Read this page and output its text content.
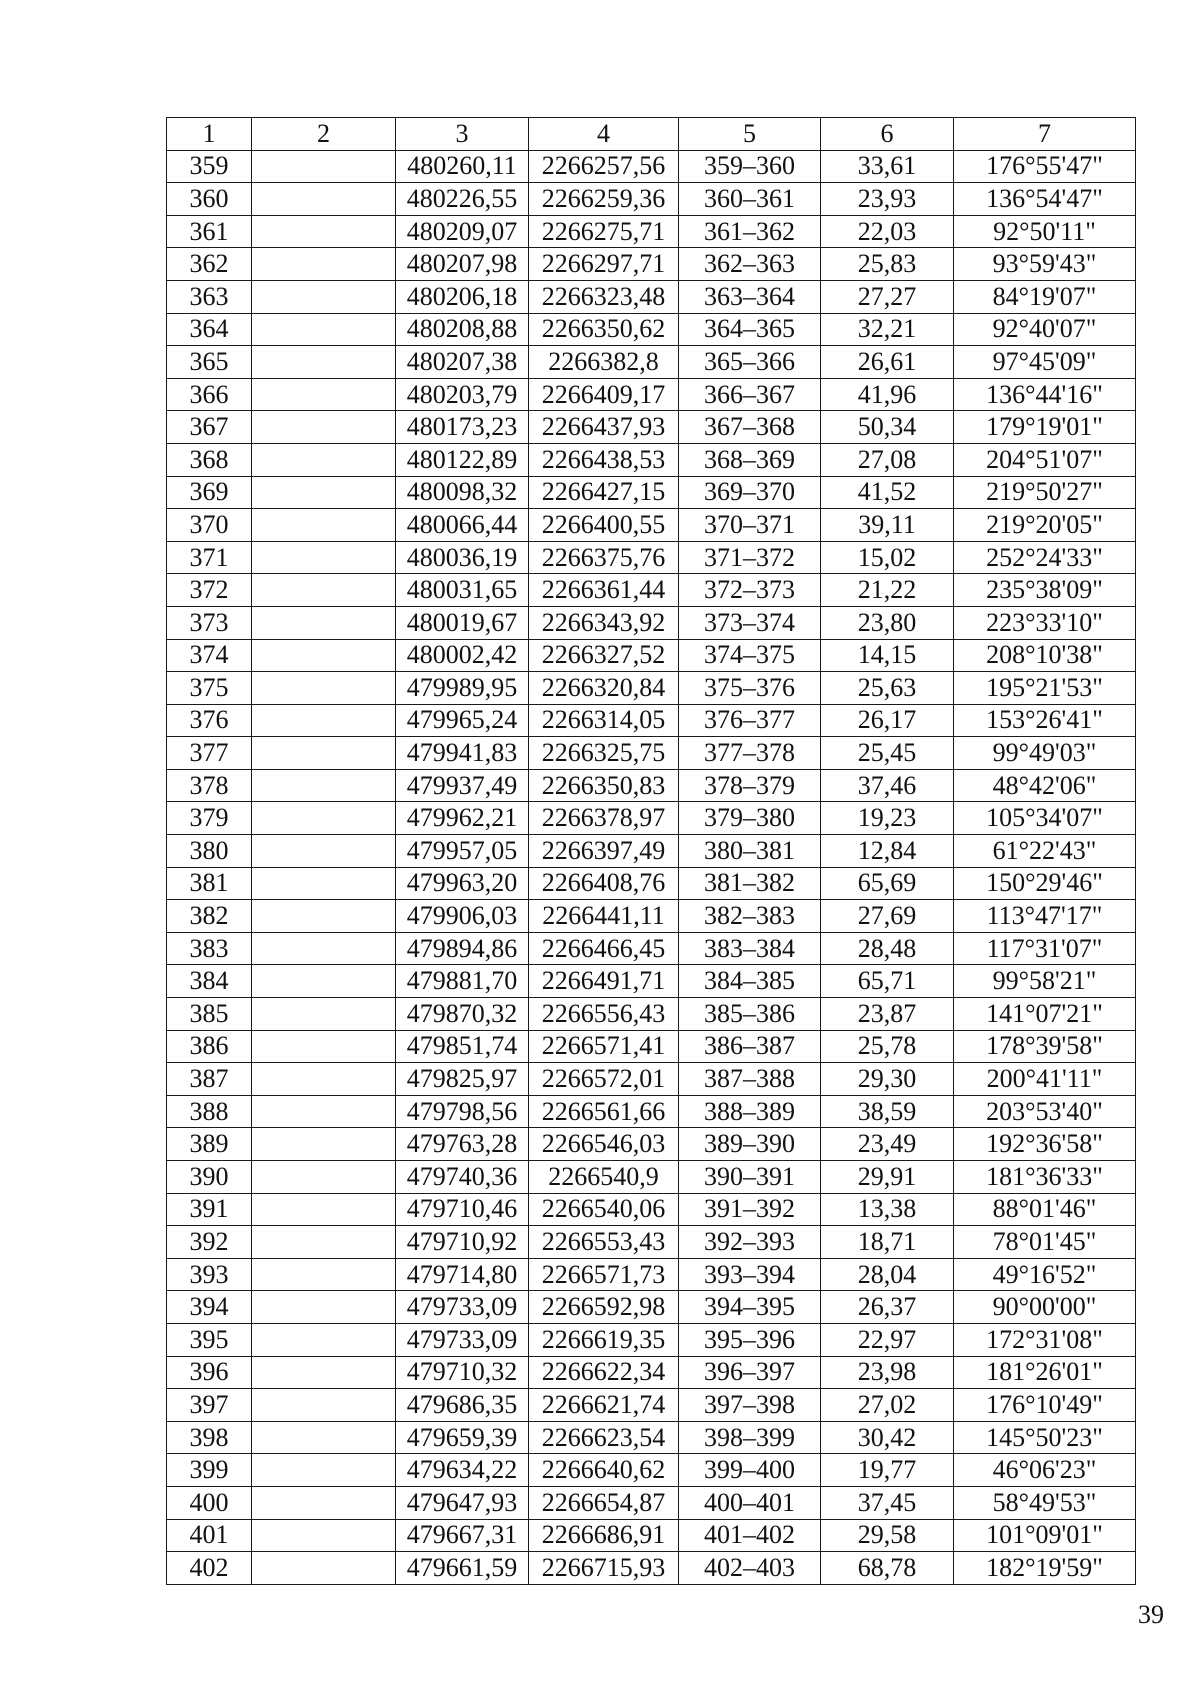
1	2	3	4	5	6	7
359		480260,11	2266257,56	359–360	33,61	176°55'47"
360		480226,55	2266259,36	360–361	23,93	136°54'47"
361		480209,07	2266275,71	361–362	22,03	92°50'11"
362		480207,98	2266297,71	362–363	25,83	93°59'43"
363		480206,18	2266323,48	363–364	27,27	84°19'07"
364		480208,88	2266350,62	364–365	32,21	92°40'07"
365		480207,38	2266382,8	365–366	26,61	97°45'09"
366		480203,79	2266409,17	366–367	41,96	136°44'16"
367		480173,23	2266437,93	367–368	50,34	179°19'01"
368		480122,89	2266438,53	368–369	27,08	204°51'07"
369		480098,32	2266427,15	369–370	41,52	219°50'27"
370		480066,44	2266400,55	370–371	39,11	219°20'05"
371		480036,19	2266375,76	371–372	15,02	252°24'33"
372		480031,65	2266361,44	372–373	21,22	235°38'09"
373		480019,67	2266343,92	373–374	23,80	223°33'10"
374		480002,42	2266327,52	374–375	14,15	208°10'38"
375		479989,95	2266320,84	375–376	25,63	195°21'53"
376		479965,24	2266314,05	376–377	26,17	153°26'41"
377		479941,83	2266325,75	377–378	25,45	99°49'03"
378		479937,49	2266350,83	378–379	37,46	48°42'06"
379		479962,21	2266378,97	379–380	19,23	105°34'07"
380		479957,05	2266397,49	380–381	12,84	61°22'43"
381		479963,20	2266408,76	381–382	65,69	150°29'46"
382		479906,03	2266441,11	382–383	27,69	113°47'17"
383		479894,86	2266466,45	383–384	28,48	117°31'07"
384		479881,70	2266491,71	384–385	65,71	99°58'21"
385		479870,32	2266556,43	385–386	23,87	141°07'21"
386		479851,74	2266571,41	386–387	25,78	178°39'58"
387		479825,97	2266572,01	387–388	29,30	200°41'11"
388		479798,56	2266561,66	388–389	38,59	203°53'40"
389		479763,28	2266546,03	389–390	23,49	192°36'58"
390		479740,36	2266540,9	390–391	29,91	181°36'33"
391		479710,46	2266540,06	391–392	13,38	88°01'46"
392		479710,92	2266553,43	392–393	18,71	78°01'45"
393		479714,80	2266571,73	393–394	28,04	49°16'52"
394		479733,09	2266592,98	394–395	26,37	90°00'00"
395		479733,09	2266619,35	395–396	22,97	172°31'08"
396		479710,32	2266622,34	396–397	23,98	181°26'01"
397		479686,35	2266621,74	397–398	27,02	176°10'49"
398		479659,39	2266623,54	398–399	30,42	145°50'23"
399		479634,22	2266640,62	399–400	19,77	46°06'23"
400		479647,93	2266654,87	400–401	37,45	58°49'53"
401		479667,31	2266686,91	401–402	29,58	101°09'01"
402		479661,59	2266715,93	402–403	68,78	182°19'59"
39
